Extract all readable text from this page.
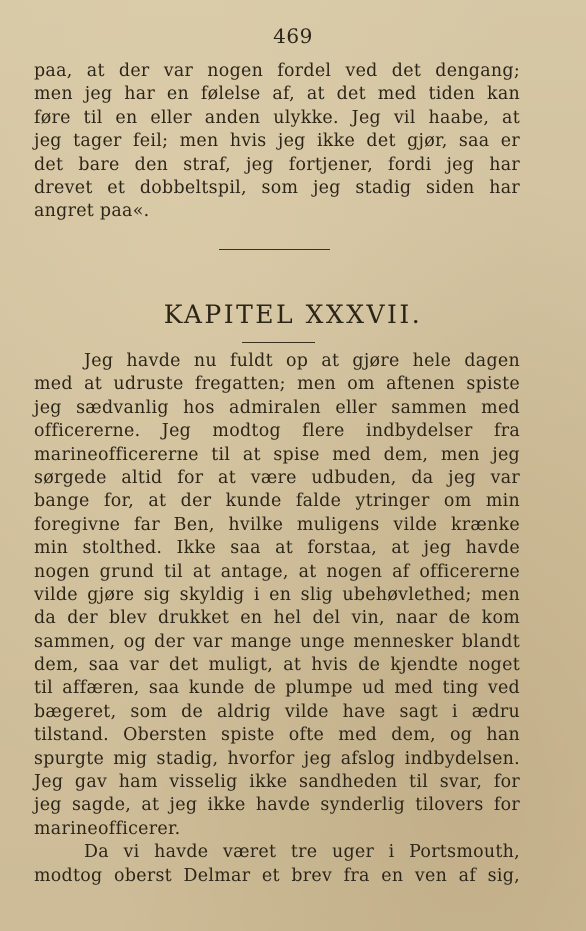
469
paa, at der var nogen fordel ved det dengang;
men jeg har en følelse af, at det med tiden kan
føre til en eller anden ulykke. Jeg vil haabe, at
jeg tager feil; men hvis jeg ikke det gjør, saa er
det bare den straf, jeg fortjener, fordi jeg har
drevet et dobbeltspil, som jeg stadig siden har
angret paa«.
KAPITEL XXXVII.
Jeg havde nu fuldt op at gjøre hele dagen
med at udruste fregatten; men om aftenen spiste
jeg sædvanlig hos admiralen eller sammen med
officererne. Jeg modtog flere indbydelser fra
marineofficererne til at spise med dem, men jeg
sørgede altid for at være udbuden, da jeg var
bange for, at der kunde falde ytringer om min
foregivne far Ben, hvilke muligens vilde krænke
min stolthed. Ikke saa at forstaa, at jeg havde
nogen grund til at antage, at nogen af officererne
vilde gjøre sig skyldig i en slig ubehøvlethed; men
da der blev drukket en hel del vin, naar de kom
sammen, og der var mange unge mennesker blandt
dem, saa var det muligt, at hvis de kjendte noget
til affæren, saa kunde de plumpe ud med ting ved
bægeret, som de aldrig vilde have sagt i ædru
tilstand. Obersten spiste ofte med dem, og han
spurgte mig stadig, hvorfor jeg afslog indbydelsen.
Jeg gav ham visselig ikke sandheden til svar, for
jeg sagde, at jeg ikke havde synderlig tilovers for
marineofficerer.
Da vi havde været tre uger i Portsmouth,
modtog oberst Delmar et brev fra en ven af sig,
